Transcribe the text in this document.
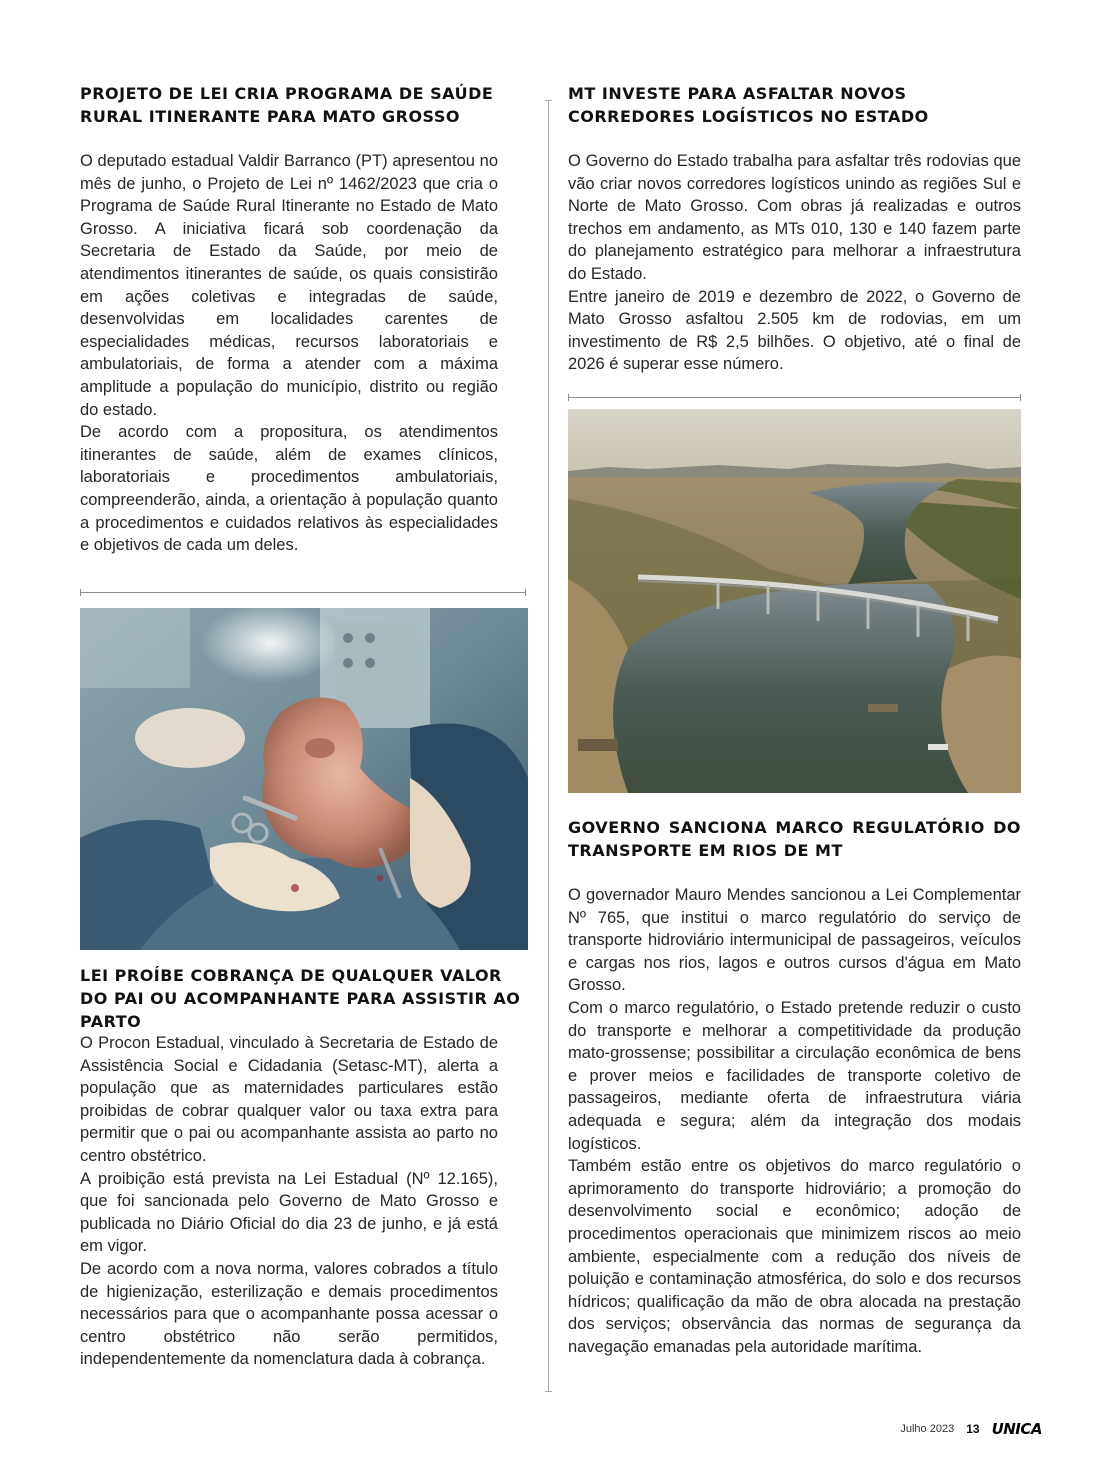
PROJETO DE LEI CRIA PROGRAMA DE SAÚDE RURAL ITINERANTE PARA MATO GROSSO

O deputado estadual Valdir Barranco (PT) apresentou no mês de junho, o Projeto de Lei nº 1462/2023 que cria o Programa de Saúde Rural Itinerante no Estado de Mato Grosso. A iniciativa ficará sob coordenação da Secretaria de Estado da Saúde, por meio de atendimentos itinerantes de saúde, os quais consistirão em ações coletivas e integradas de saúde, desenvolvidas em localidades carentes de especialidades médicas, recursos laboratoriais e ambulatoriais, de forma a atender com a máxima amplitude a população do município, distrito ou região do estado.

De acordo com a propositura, os atendimentos itinerantes de saúde, além de exames clínicos, laboratoriais e procedimentos ambulatoriais, compreenderão, ainda, a orientação à população quanto a procedimentos e cuidados relativos às especialidades e objetivos de cada um deles.

LEI PROÍBE COBRANÇA DE QUALQUER VALOR DO PAI OU ACOMPANHANTE PARA ASSISTIR AO PARTO

O Procon Estadual, vinculado à Secretaria de Estado de Assistência Social e Cidadania (Setasc-MT), alerta a população que as maternidades particulares estão proibidas de cobrar qualquer valor ou taxa extra para permitir que o pai ou acompanhante assista ao parto no centro obstétrico.

A proibição está prevista na Lei Estadual (Nº 12.165), que foi sancionada pelo Governo de Mato Grosso e publicada no Diário Oficial do dia 23 de junho, e já está em vigor.

De acordo com a nova norma, valores cobrados a título de higienização, esterilização e demais procedimentos necessários para que o acompanhante possa acessar o centro obstétrico não serão permitidos, independentemente da nomenclatura dada à cobrança.

MT INVESTE PARA ASFALTAR NOVOS CORREDORES LOGÍSTICOS NO ESTADO

O Governo do Estado trabalha para asfaltar três rodovias que vão criar novos corredores logísticos unindo as regiões Sul e Norte de Mato Grosso. Com obras já realizadas e outros trechos em andamento, as MTs 010, 130 e 140 fazem parte do planejamento estratégico para melhorar a infraestrutura do Estado.

Entre janeiro de 2019 e dezembro de 2022, o Governo de Mato Grosso asfaltou 2.505 km de rodovias, em um investimento de R$ 2,5 bilhões. O objetivo, até o final de 2026 é superar esse número.

GOVERNO SANCIONA MARCO REGULATÓRIO DO TRANSPORTE EM RIOS DE MT

O governador Mauro Mendes sancionou a Lei Complementar Nº 765, que institui o marco regulatório do serviço de transporte hidroviário intermunicipal de passageiros, veículos e cargas nos rios, lagos e outros cursos d'água em Mato Grosso.

Com o marco regulatório, o Estado pretende reduzir o custo do transporte e melhorar a competitividade da produção mato-grossense; possibilitar a circulação econômica de bens e prover meios e facilidades de transporte coletivo de passageiros, mediante oferta de infraestrutura viária adequada e segura; além da integração dos modais logísticos.

Também estão entre os objetivos do marco regulatório o aprimoramento do transporte hidroviário; a promoção do desenvolvimento social e econômico; adoção de procedimentos operacionais que minimizem riscos ao meio ambiente, especialmente com a redução dos níveis de poluição e contaminação atmosférica, do solo e dos recursos hídricos; qualificação da mão de obra alocada na prestação dos serviços; observância das normas de segurança da navegação emanadas pela autoridade marítima.

Julho 2023 13 UNICA
